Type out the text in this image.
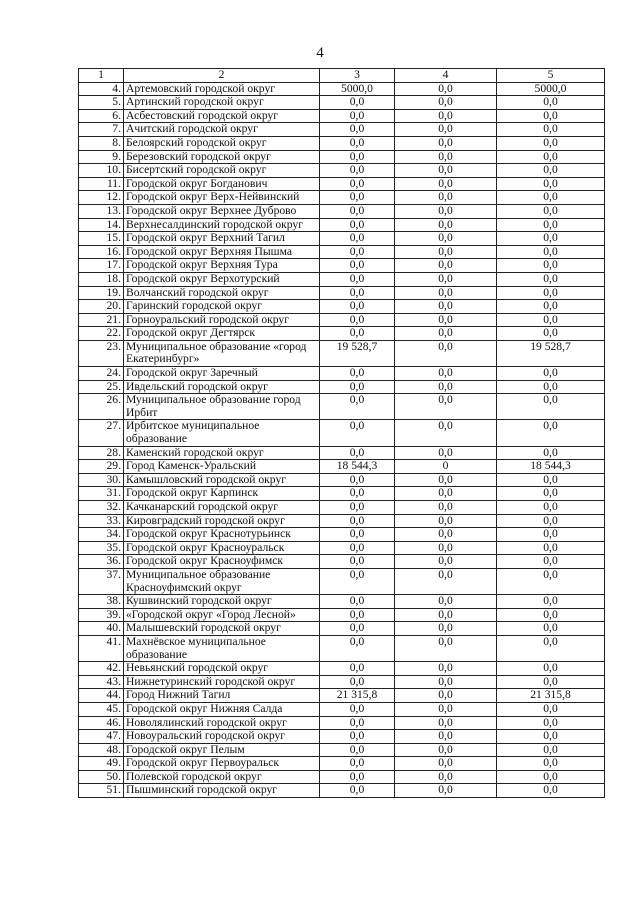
4
1	2	3	4	5
4.	Артемовский городской округ	5000,0	0,0	5000,0
5.	Артинский городской округ	0,0	0,0	0,0
6.	Асбестовский городской округ	0,0	0,0	0,0
7.	Ачитский городской округ	0,0	0,0	0,0
8.	Белоярский городской округ	0,0	0,0	0,0
9.	Березовский городской округ	0,0	0,0	0,0
10.	Бисертский городской округ	0,0	0,0	0,0
11.	Городской округ Богданович	0,0	0,0	0,0
12.	Городской округ Верх-Нейвинский	0,0	0,0	0,0
13.	Городской округ Верхнее Дуброво	0,0	0,0	0,0
14.	Верхнесалдинский городской округ	0,0	0,0	0,0
15.	Городской округ Верхний Тагил	0,0	0,0	0,0
16.	Городской округ Верхняя Пышма	0,0	0,0	0,0
17.	Городской округ Верхняя Тура	0,0	0,0	0,0
18.	Городской округ Верхотурский	0,0	0,0	0,0
19.	Волчанский городской округ	0,0	0,0	0,0
20.	Гаринский городской округ	0,0	0,0	0,0
21.	Горноуральский городской округ	0,0	0,0	0,0
22.	Городской округ Дегтярск	0,0	0,0	0,0
23.	Муниципальное образование «город Екатеринбург»	19 528,7	0,0	19 528,7
24.	Городской округ Заречный	0,0	0,0	0,0
25.	Ивдельский городской округ	0,0	0,0	0,0
26.	Муниципальное образование город Ирбит	0,0	0,0	0,0
27.	Ирбитское муниципальное образование	0,0	0,0	0,0
28.	Каменский городской округ	0,0	0,0	0,0
29.	Город Каменск-Уральский	18 544,3	0	18 544,3
30.	Камышловский городской округ	0,0	0,0	0,0
31.	Городской округ Карпинск	0,0	0,0	0,0
32.	Качканарский городской округ	0,0	0,0	0,0
33.	Кировградский городской округ	0,0	0,0	0,0
34.	Городской округ Краснотурьинск	0,0	0,0	0,0
35.	Городской округ Красноуральск	0,0	0,0	0,0
36.	Городской округ Красноуфимск	0,0	0,0	0,0
37.	Муниципальное образование Красноуфимский округ	0,0	0,0	0,0
38.	Кушвинский городской округ	0,0	0,0	0,0
39.	«Городской округ «Город Лесной»	0,0	0,0	0,0
40.	Малышевский городской округ	0,0	0,0	0,0
41.	Махнёвское муниципальное образование	0,0	0,0	0,0
42.	Невьянский городской округ	0,0	0,0	0,0
43.	Нижнетуринский городской округ	0,0	0,0	0,0
44.	Город Нижний Тагил	21 315,8	0,0	21 315,8
45.	Городской округ Нижняя Салда	0,0	0,0	0,0
46.	Новолялинский городской округ	0,0	0,0	0,0
47.	Новоуральский городской округ	0,0	0,0	0,0
48.	Городской округ Пелым	0,0	0,0	0,0
49.	Городской округ Первоуральск	0,0	0,0	0,0
50.	Полевской городской округ	0,0	0,0	0,0
51.	Пышминский городской округ	0,0	0,0	0,0
